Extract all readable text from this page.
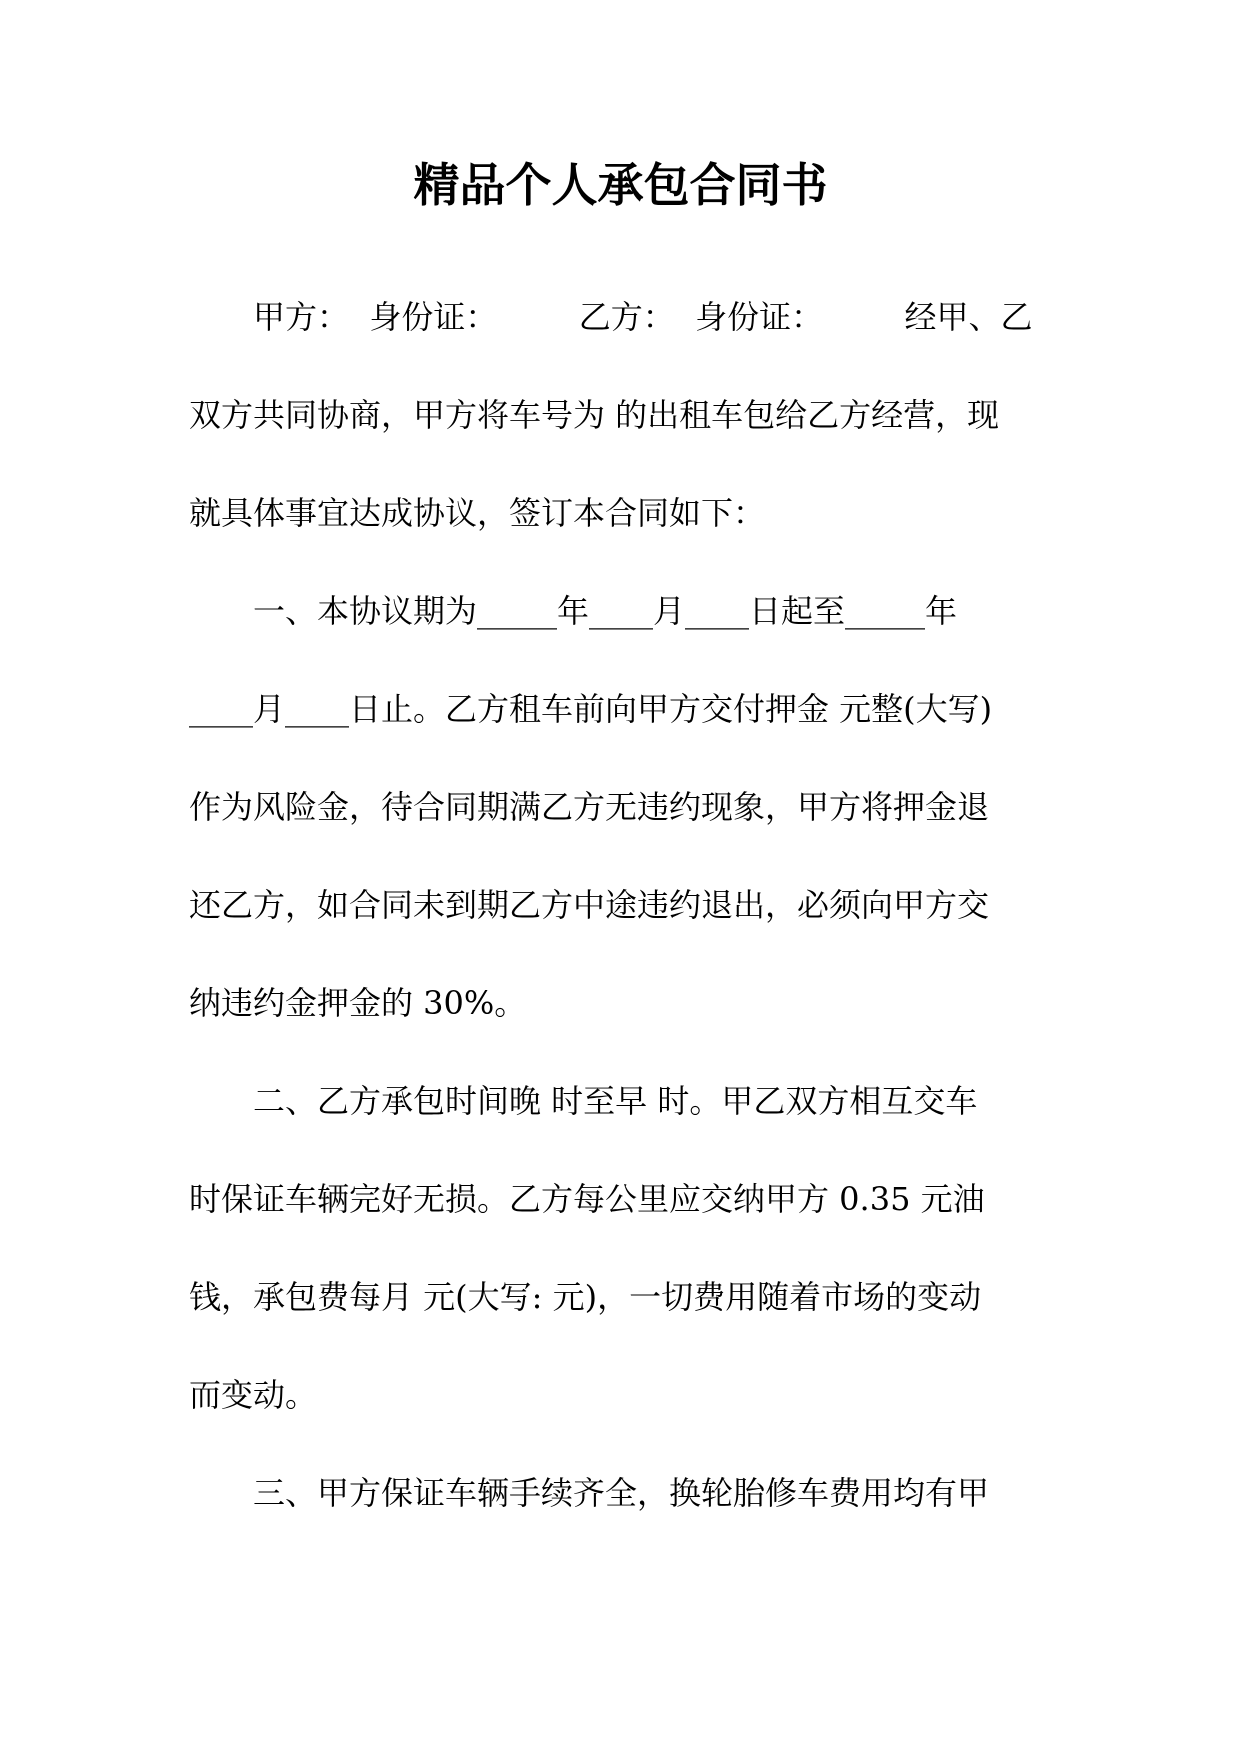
精品个人承包合同书
甲方：  身份证：        乙方：  身份证：        经甲、乙
双方共同协商，甲方将车号为 的出租车包给乙方经营，现
就具体事宜达成协议，签订本合同如下：
一、本协议期为_____年____月____日起至_____年
____月____日止。乙方租车前向甲方交付押金 元整(大写)
作为风险金，待合同期满乙方无违约现象，甲方将押金退
还乙方，如合同未到期乙方中途违约退出，必须向甲方交
纳违约金押金的 30%。
二、乙方承包时间晚 时至早 时。甲乙双方相互交车
时保证车辆完好无损。乙方每公里应交纳甲方 0.35 元油
钱，承包费每月 元(大写: 元)，一切费用随着市场的变动
而变动。
三、甲方保证车辆手续齐全，换轮胎修车费用均有甲
